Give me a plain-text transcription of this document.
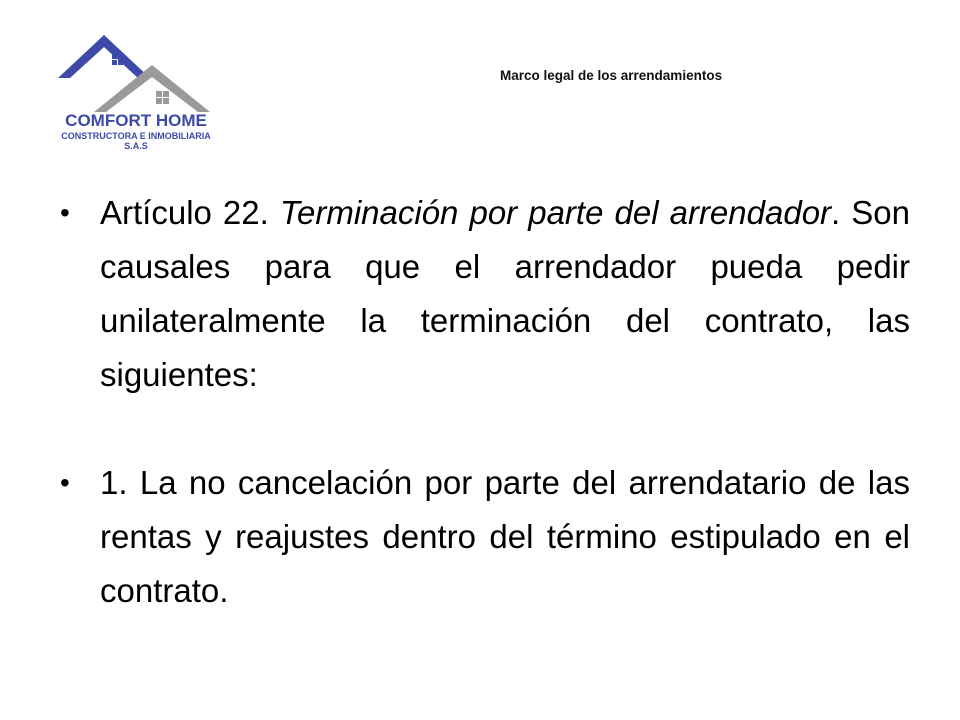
COMFORT HOME
CONSTRUCTORA E INMOBILIARIA
S.A.S
Marco legal de los arrendamientos
• Artículo 22. Terminación por parte del arrendador. Son causales para que el arrendador pueda pedir unilateralmente la terminación del contrato, las siguientes:
• 1. La no cancelación por parte del arrendatario de las rentas y reajustes dentro del término estipulado en el contrato.
